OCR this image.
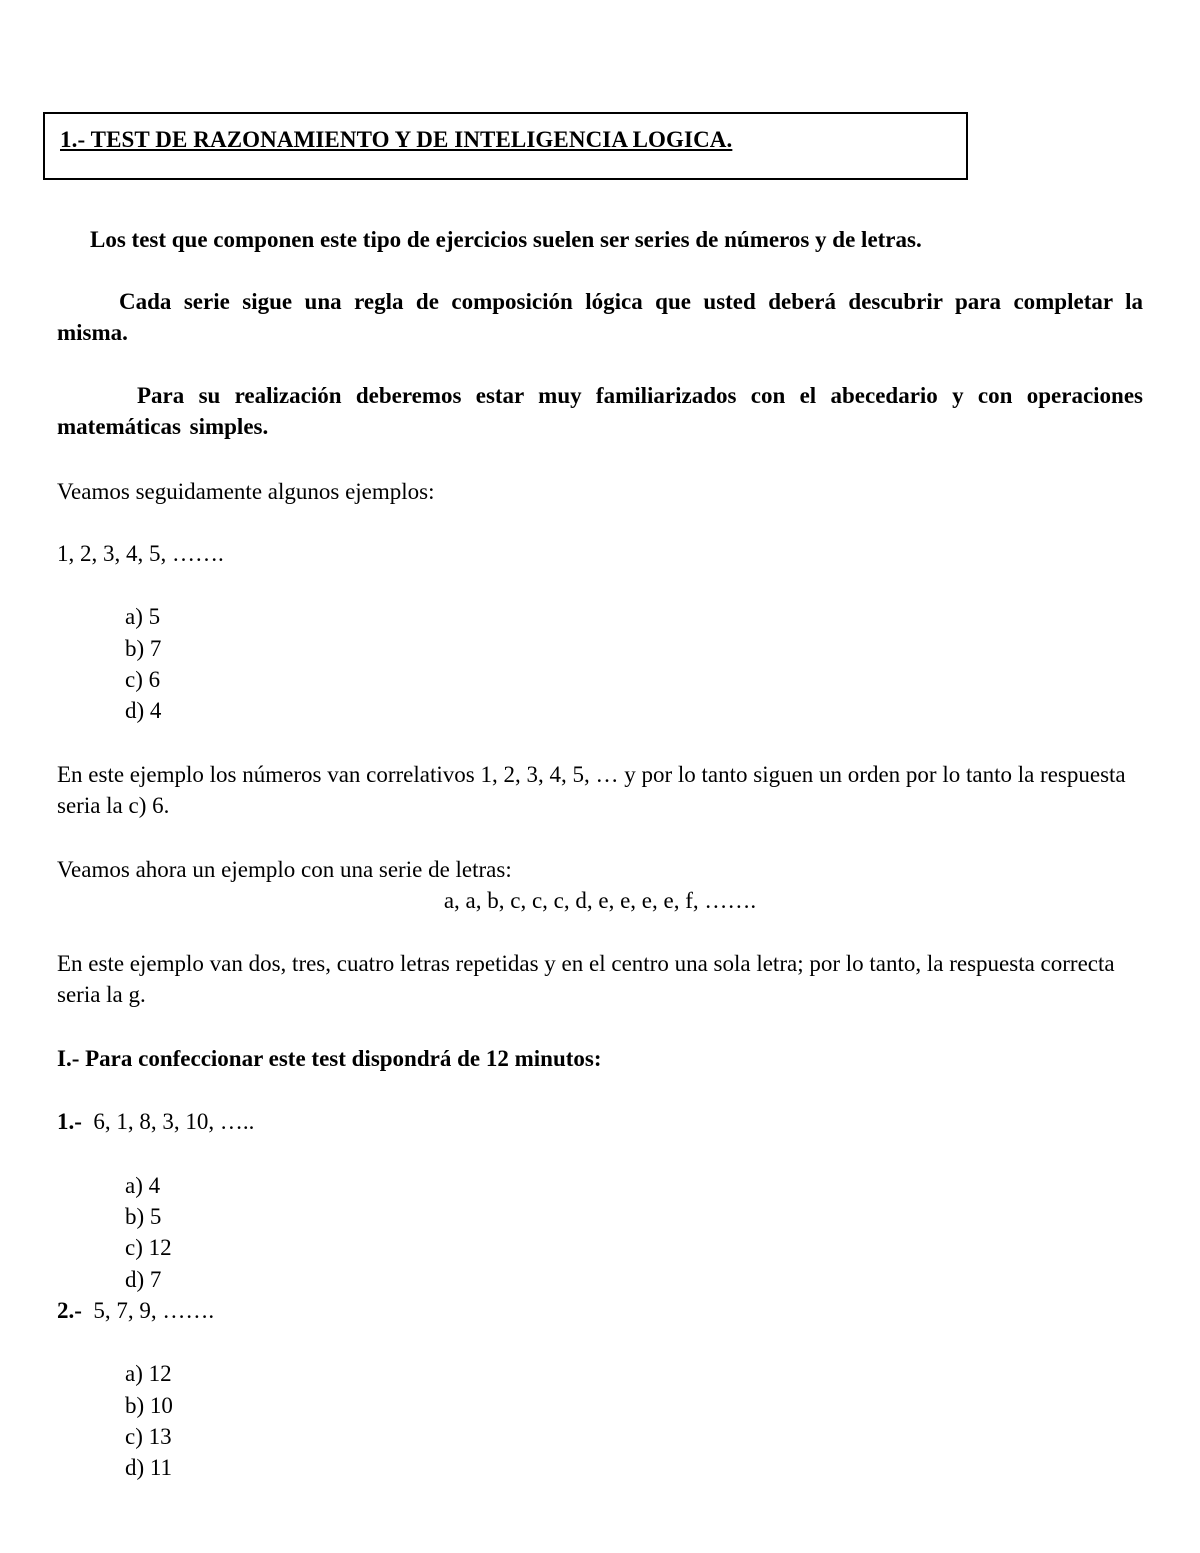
1.- TEST DE RAZONAMIENTO Y DE INTELIGENCIA LOGICA.
Los test que componen este tipo de ejercicios suelen ser series de números y de letras.
Cada serie sigue una regla de composición lógica que usted deberá descubrir para completar la misma.
Para su realización deberemos estar muy familiarizados con el abecedario y con operaciones matemáticas simples.
Veamos seguidamente algunos ejemplos:
1, 2, 3, 4, 5, …….
a) 5
b) 7
c) 6
d) 4
En este ejemplo los números van correlativos 1, 2, 3, 4, 5, … y por lo tanto siguen un orden por lo tanto la respuesta seria la c) 6.
Veamos ahora un ejemplo con una serie de letras:
a, a, b, c, c, c, d, e, e, e, e, f, …….
En este ejemplo van dos, tres, cuatro letras repetidas y en el centro una sola letra; por lo tanto, la respuesta correcta seria la g.
I.- Para confeccionar este test dispondrá de 12 minutos:
1.- 6, 1, 8, 3, 10, …..
a) 4
b) 5
c) 12
d) 7
2.- 5, 7, 9, …….
a) 12
b) 10
c) 13
d) 11
